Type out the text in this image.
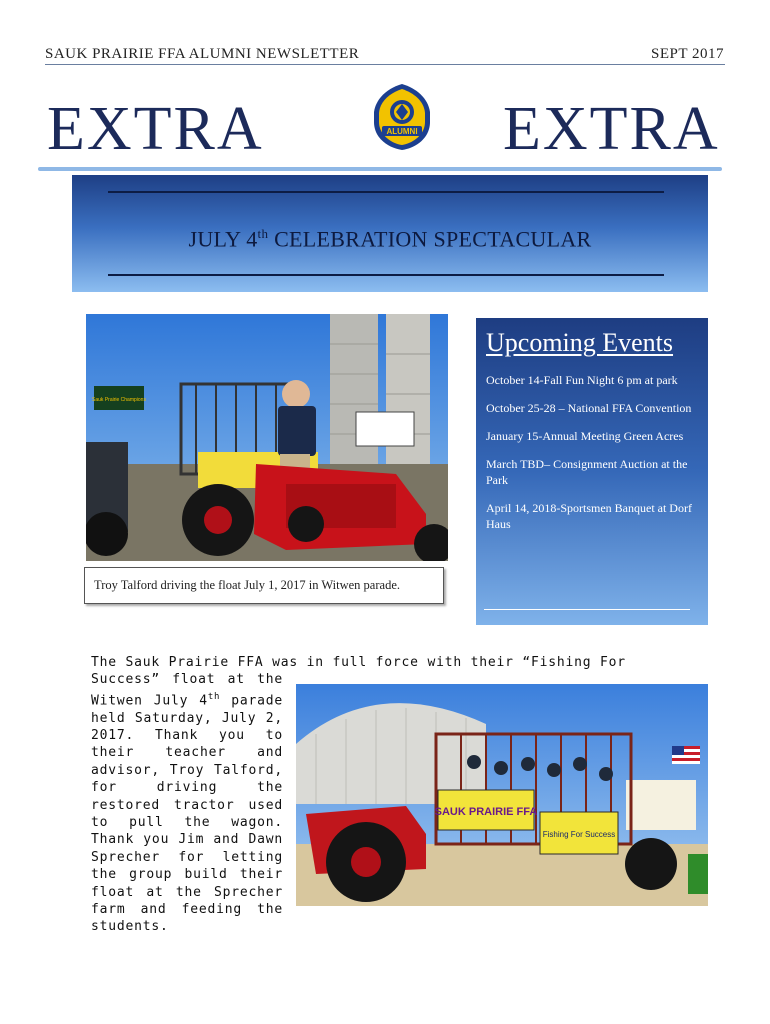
SAUK PRAIRIE FFA ALUMNI NEWSLETTER	SEPT 2017
EXTRA	ALUMNI EXTRA
JULY 4th CELEBRATION SPECTACULAR
Sauk Prairie Champions
Troy Talford driving the float July 1, 2017 in Witwen parade.
Upcoming Events
October 14-Fall Fun Night 6 pm at park
October 25-28 – National FFA Convention
January 15-Annual Meeting Green Acres
March TBD– Consignment Auction at the Park
April 14, 2018-Sportsmen Banquet at Dorf Haus
The Sauk Prairie FFA was in full force with their “Fishing For
Success” float at the Witwen July 4th parade held Saturday, July 2, 2017. Thank you to their teacher and advisor, Troy Talford, for driving the restored tractor used to pull the wagon. Thank you Jim and Dawn Sprecher for letting the group build their float at the Sprecher farm and feeding the students.
SAUK PRAIRIE FFA
Fishing For Success
